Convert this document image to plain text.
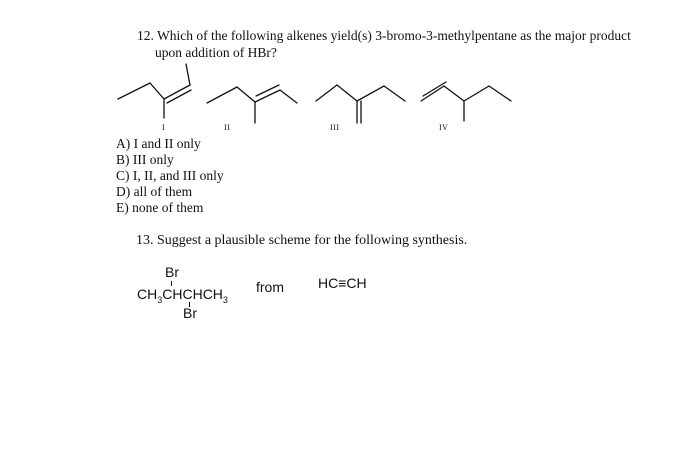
12. Which of the following alkenes yield(s) 3-bromo-3-methylpentane as the major product
upon addition of HBr?
I	II	III	IV
A) I and II only
B) III only
C) I, II, and III only
D) all of them
E) none of them
13. Suggest a plausible scheme for the following synthesis.
Br
$CH_3CHCHCH_3$
Br
from HC≡CH
